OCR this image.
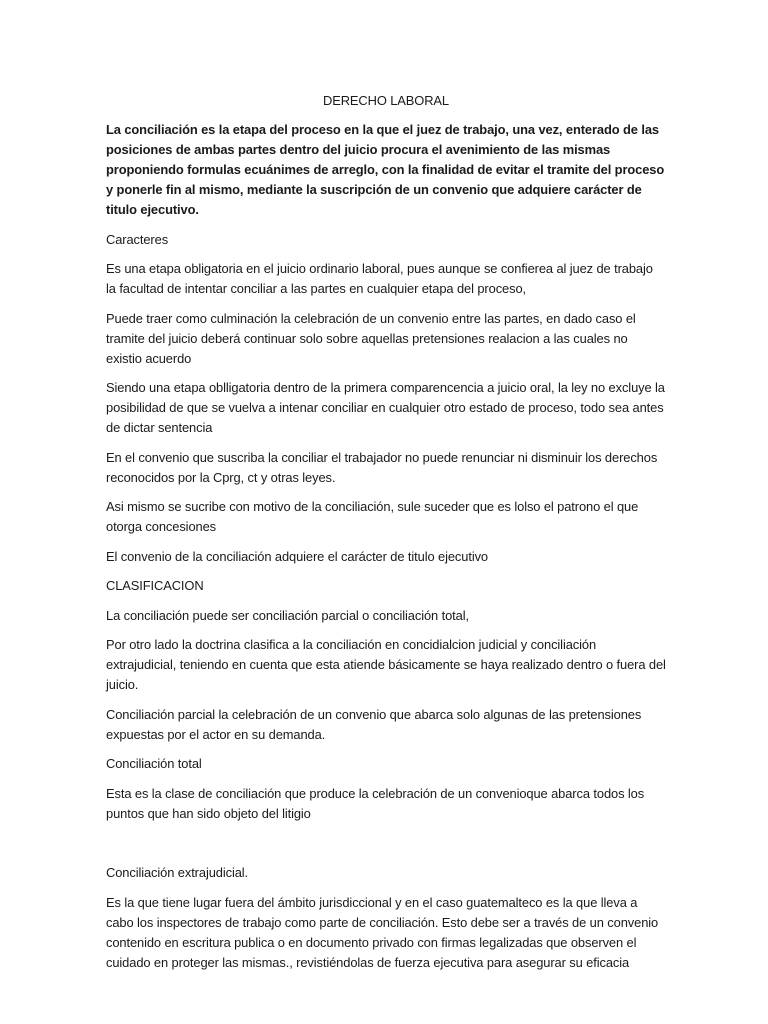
DERECHO LABORAL

La conciliación es la etapa del proceso en la que el juez de trabajo, una vez, enterado de las posiciones de ambas partes dentro del juicio procura el avenimiento de las mismas proponiendo formulas ecuánimes de arreglo, con la finalidad de evitar el tramite del proceso y ponerle fin al mismo, mediante la suscripción de un convenio que adquiere carácter de titulo ejecutivo.

Caracteres

Es una etapa obligatoria en el juicio ordinario laboral, pues aunque se confierea al juez de trabajo la facultad de intentar conciliar a las partes en cualquier etapa del proceso,

Puede traer como culminación la celebración de un convenio entre las partes, en dado caso el tramite del juicio deberá continuar solo sobre aquellas pretensiones realacion a las cuales no existio acuerdo

Siendo una etapa oblligatoria dentro de la primera comparencencia a juicio oral, la ley no excluye la posibilidad de que se vuelva a intenar conciliar en cualquier otro estado de proceso, todo sea antes de dictar sentencia

En el convenio que suscriba la conciliar el trabajador no puede renunciar ni disminuir los derechos reconocidos por la Cprg, ct y otras leyes.

Asi mismo se sucribe con motivo de la conciliación, sule suceder que es lolso el patrono el que otorga concesiones

El convenio de la conciliación adquiere el carácter de titulo ejecutivo

CLASIFICACION

La conciliación puede ser conciliación parcial o conciliación total,

Por otro lado la doctrina clasifica a la conciliación en concidialcion judicial y conciliación extrajudicial, teniendo en cuenta que esta atiende básicamente se haya realizado dentro o fuera del juicio.

Conciliación parcial la celebración de un convenio que abarca solo algunas de las pretensiones expuestas por el actor en su demanda.

Conciliación total

Esta es la clase de conciliación que produce la celebración de un convenioque abarca todos los puntos que han sido objeto del litigio

Conciliación extrajudicial.

Es la que tiene lugar fuera del ámbito jurisdiccional y en el caso guatemalteco es la que lleva a cabo los inspectores de trabajo como parte de conciliación. Esto debe ser a través de un convenio contenido en escritura publica o en documento privado con firmas legalizadas que observen el cuidado en proteger las mismas., revistiéndolas de fuerza ejecutiva para asegurar su eficacia
